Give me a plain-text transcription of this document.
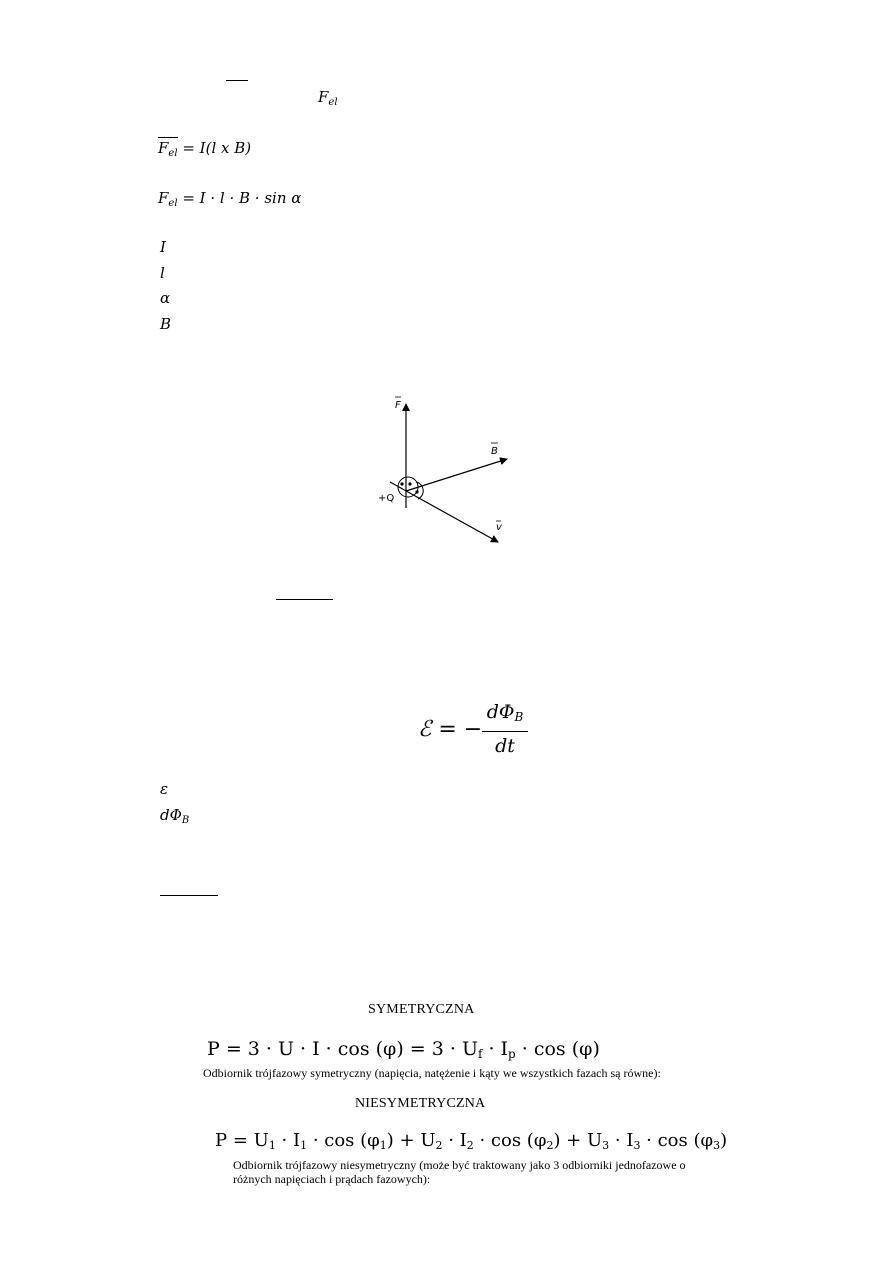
$F_{el}$
$F_{el} = I(l$ x B)
$F_{el} = I \cdot l \cdot B \cdot \sin \alpha$
I
l
α
B
F
B
v
+Q
ℰ = −
$d\Phi_B$
dt
ε
$d\Phi_B$
SYMETRYCZNA
$P = 3 \cdot U \cdot I \cdot \cos (\varphi) = 3 \cdot U_f \cdot I_p \cdot \cos (\varphi)$
Odbiornik trójfazowy symetryczny (napięcia, natężenie i kąty we wszystkich fazach są równe):
NIESYMETRYCZNA
$P = U_1 \cdot I_1 \cdot \cos (\varphi_1) + U_2 \cdot I_2 \cdot \cos (\varphi_2) + U_3 \cdot I_3 \cdot \cos (\varphi_3)$
Odbiornik trójfazowy niesymetryczny (może być traktowany jako 3 odbiorniki jednofazowe o różnych napięciach i prądach fazowych):
